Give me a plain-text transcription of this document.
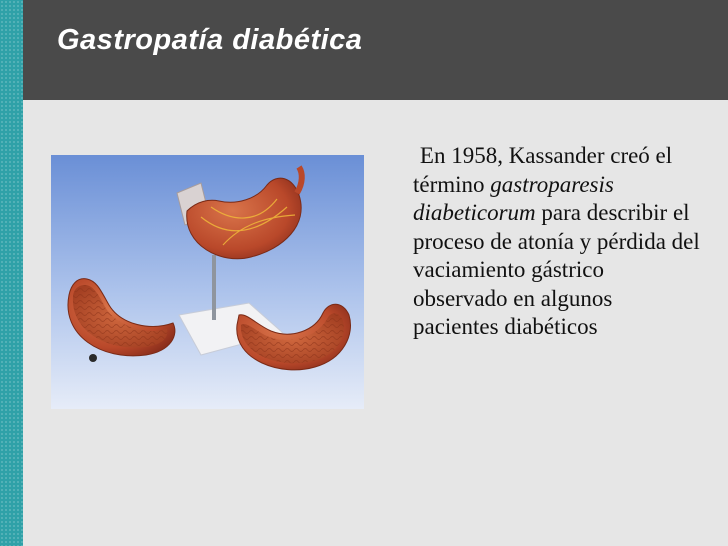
Gastropatía diabética

En 1958, Kassander creó el término gastroparesis diabeticorum para describir el proceso de atonía y pérdida del vaciamiento gástrico observado en algunos pacientes diabéticos
